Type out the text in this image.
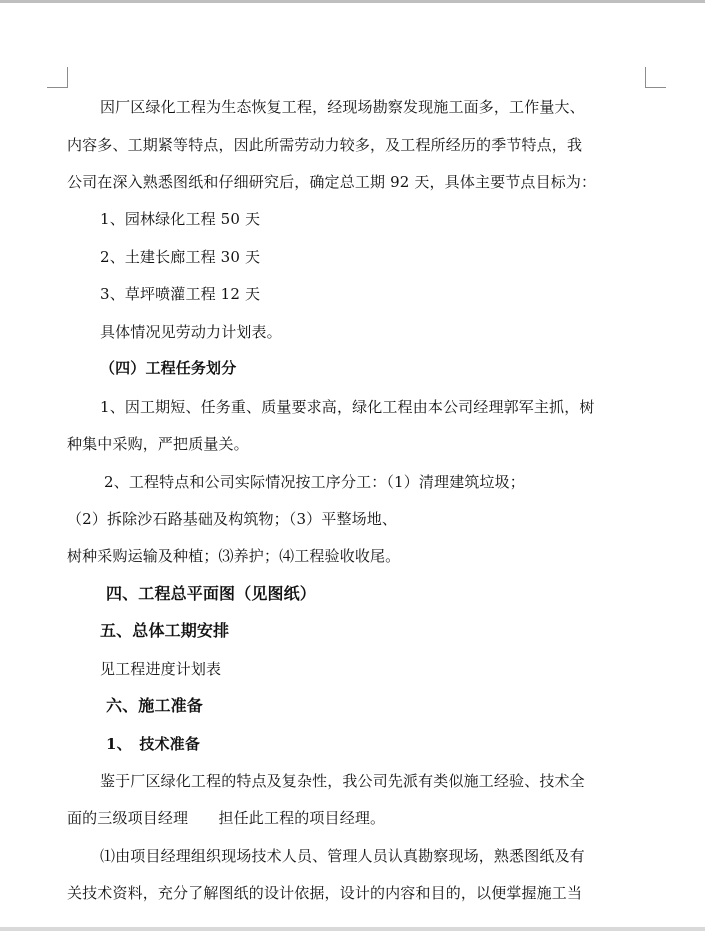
因厂区绿化工程为生态恢复工程，经现场勘察发现施工面多，工作量大、
内容多、工期紧等特点，因此所需劳动力较多，及工程所经历的季节特点，我
公司在深入熟悉图纸和仔细研究后，确定总工期 92 天，具体主要节点目标为：
1、园林绿化工程 50 天
2、土建长廊工程 30 天
3、草坪喷灌工程 12 天
具体情况见劳动力计划表。
（四）工程任务划分
1、因工期短、任务重、质量要求高，绿化工程由本公司经理郭军主抓，树
种集中采购，严把质量关。
2、工程特点和公司实际情况按工序分工：（1）清理建筑垃圾；
（2）拆除沙石路基础及构筑物；（3）平整场地、
树种采购运输及种植；⑶养护；⑷工程验收收尾。
四、工程总平面图（见图纸）
五、总体工期安排
见工程进度计划表
六、施工准备
1、　技术准备
鉴于厂区绿化工程的特点及复杂性，我公司先派有类似施工经验、技术全
面的三级项目经理　　担任此工程的项目经理。
⑴由项目经理组织现场技术人员、管理人员认真勘察现场，熟悉图纸及有
关技术资料，充分了解图纸的设计依据，设计的内容和目的，以便掌握施工当
